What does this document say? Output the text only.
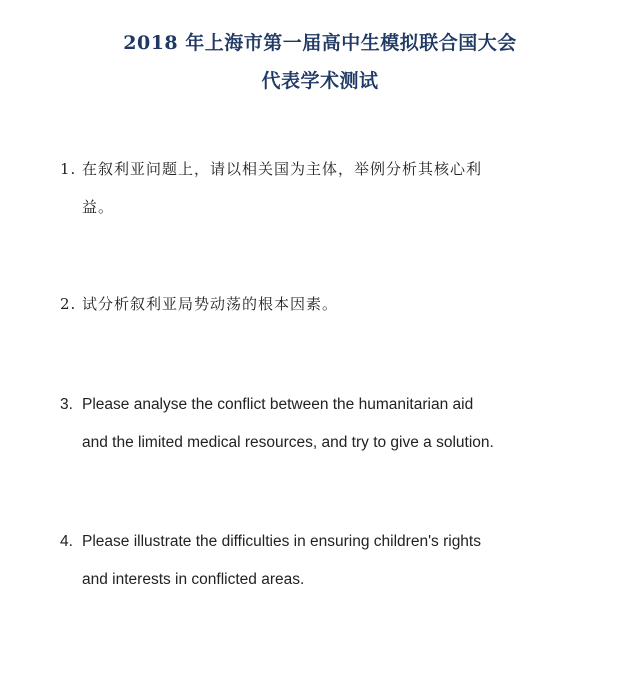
2018 年上海市第一届高中生模拟联合国大会
代表学术测试
1. 在叙利亚问题上，请以相关国为主体，举例分析其核心利
益。
2. 试分析叙利亚局势动荡的根本因素。
3. Please analyse the conflict between the humanitarian aid
and the limited medical resources, and try to give a solution.
4. Please illustrate the difficulties in ensuring children's rights
and interests in conflicted areas.
